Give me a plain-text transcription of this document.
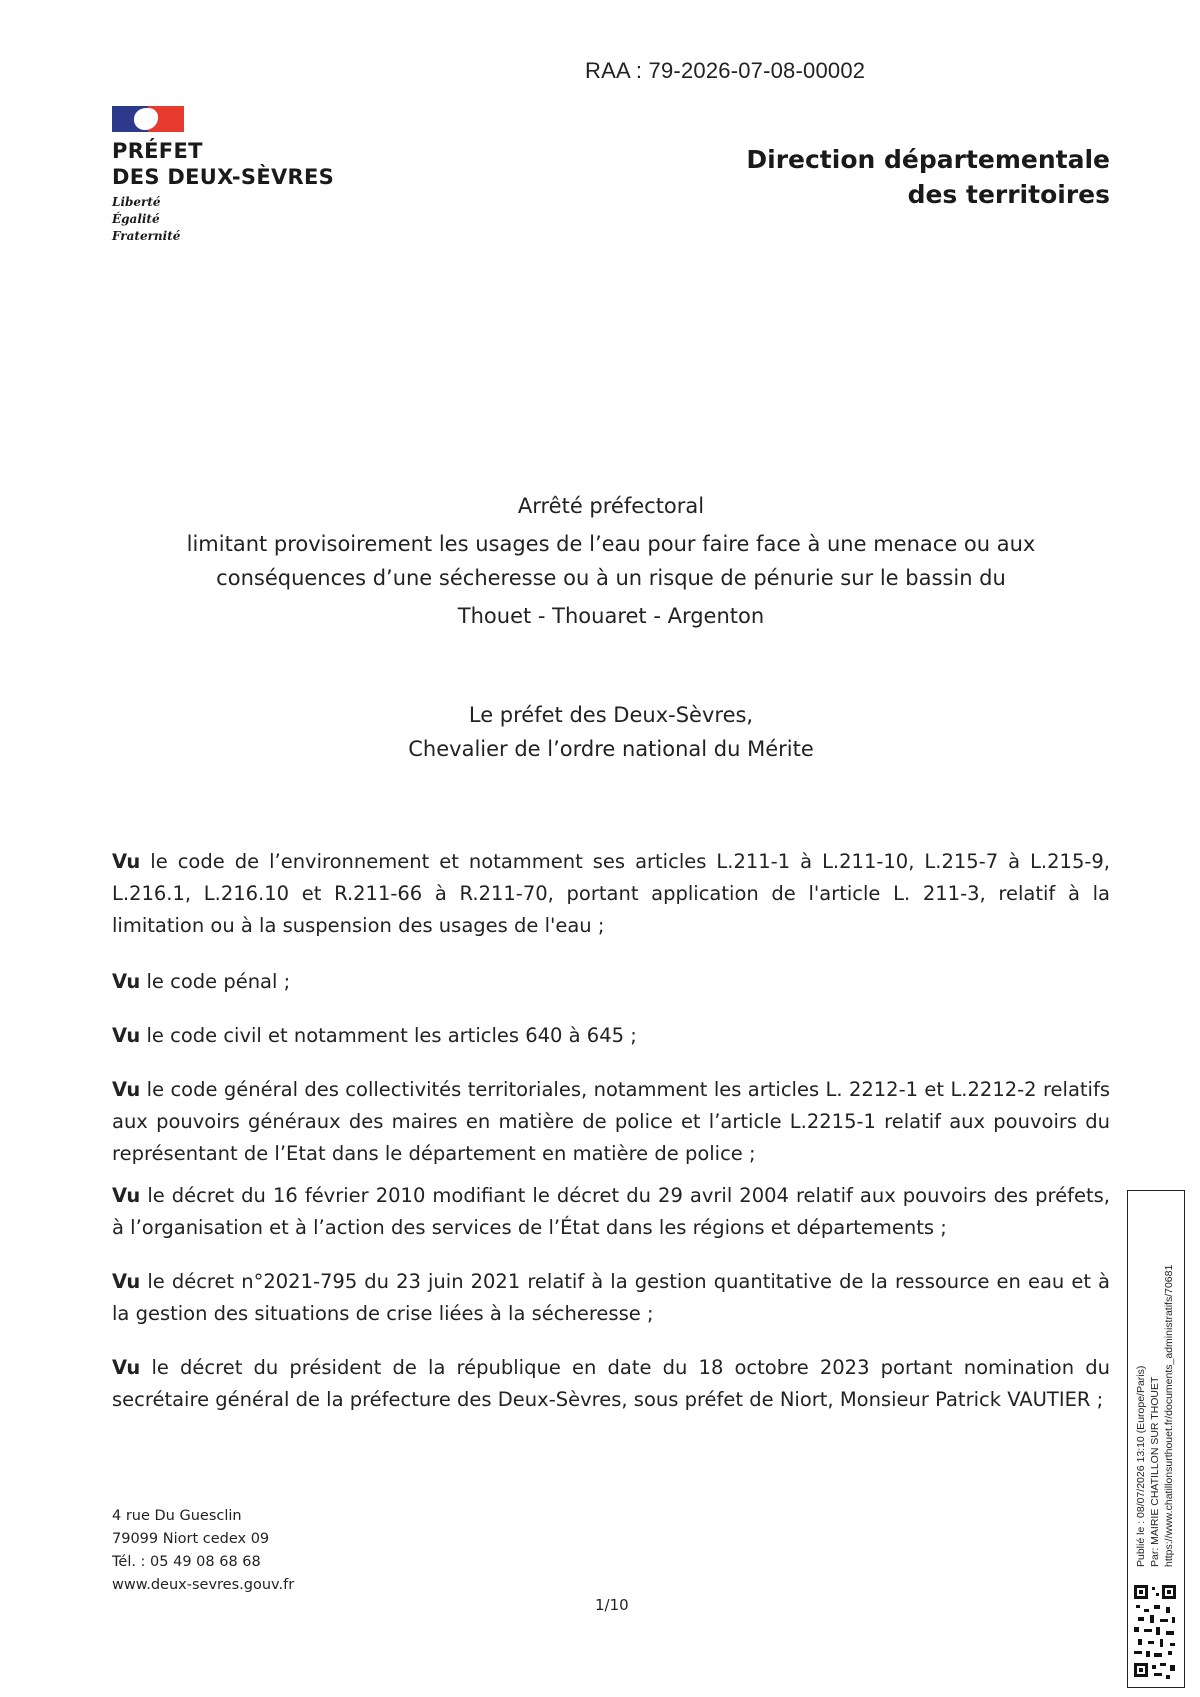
RAA : 79-2026-07-08-00002
PRÉFET
DES DEUX-SÈVRES
Liberté
Égalité
Fraternité
Direction départementale
des territoires
Arrêté préfectoral
limitant provisoirement les usages de l’eau pour faire face à une menace ou aux
conséquences d’une sécheresse ou à un risque de pénurie sur le bassin du
Thouet - Thouaret - Argenton
Le préfet des Deux-Sèvres,
Chevalier de l’ordre national du Mérite
Vu le code de l’environnement et notamment ses articles L.211-1 à L.211-10, L.215-7 à L.215-9, L.216.1, L.216.10 et R.211-66 à R.211-70, portant application de l'article L. 211-3, relatif à la limitation ou à la suspension des usages de l'eau ;
Vu le code pénal ;
Vu le code civil et notamment les articles 640 à 645 ;
Vu le code général des collectivités territoriales, notamment les articles L. 2212-1 et L.2212-2 relatifs aux pouvoirs généraux des maires en matière de police et l’article L.2215-1 relatif aux pouvoirs du représentant de l’Etat dans le département en matière de police ;
Vu le décret du 16 février 2010 modifiant le décret du 29 avril 2004 relatif aux pouvoirs des préfets, à l’organisation et à l’action des services de l’État dans les régions et départements ;
Vu le décret n°2021-795 du 23 juin 2021 relatif à la gestion quantitative de la ressource en eau et à la gestion des situations de crise liées à la sécheresse ;
Vu le décret du président de la république en date du 18 octobre 2023 portant nomination du secrétaire général de la préfecture des Deux-Sèvres, sous préfet de Niort, Monsieur Patrick VAUTIER ;
4 rue Du Guesclin
79099 Niort cedex 09
Tél. : 05 49 08 68 68
www.deux-sevres.gouv.fr
1/10
Publié le : 08/07/2026 13:10 (Europe/Paris) Par: MAIRIE CHATILLON SUR THOUET https://www.chatillonsurthouet.fr/documents_administratifs/70681
